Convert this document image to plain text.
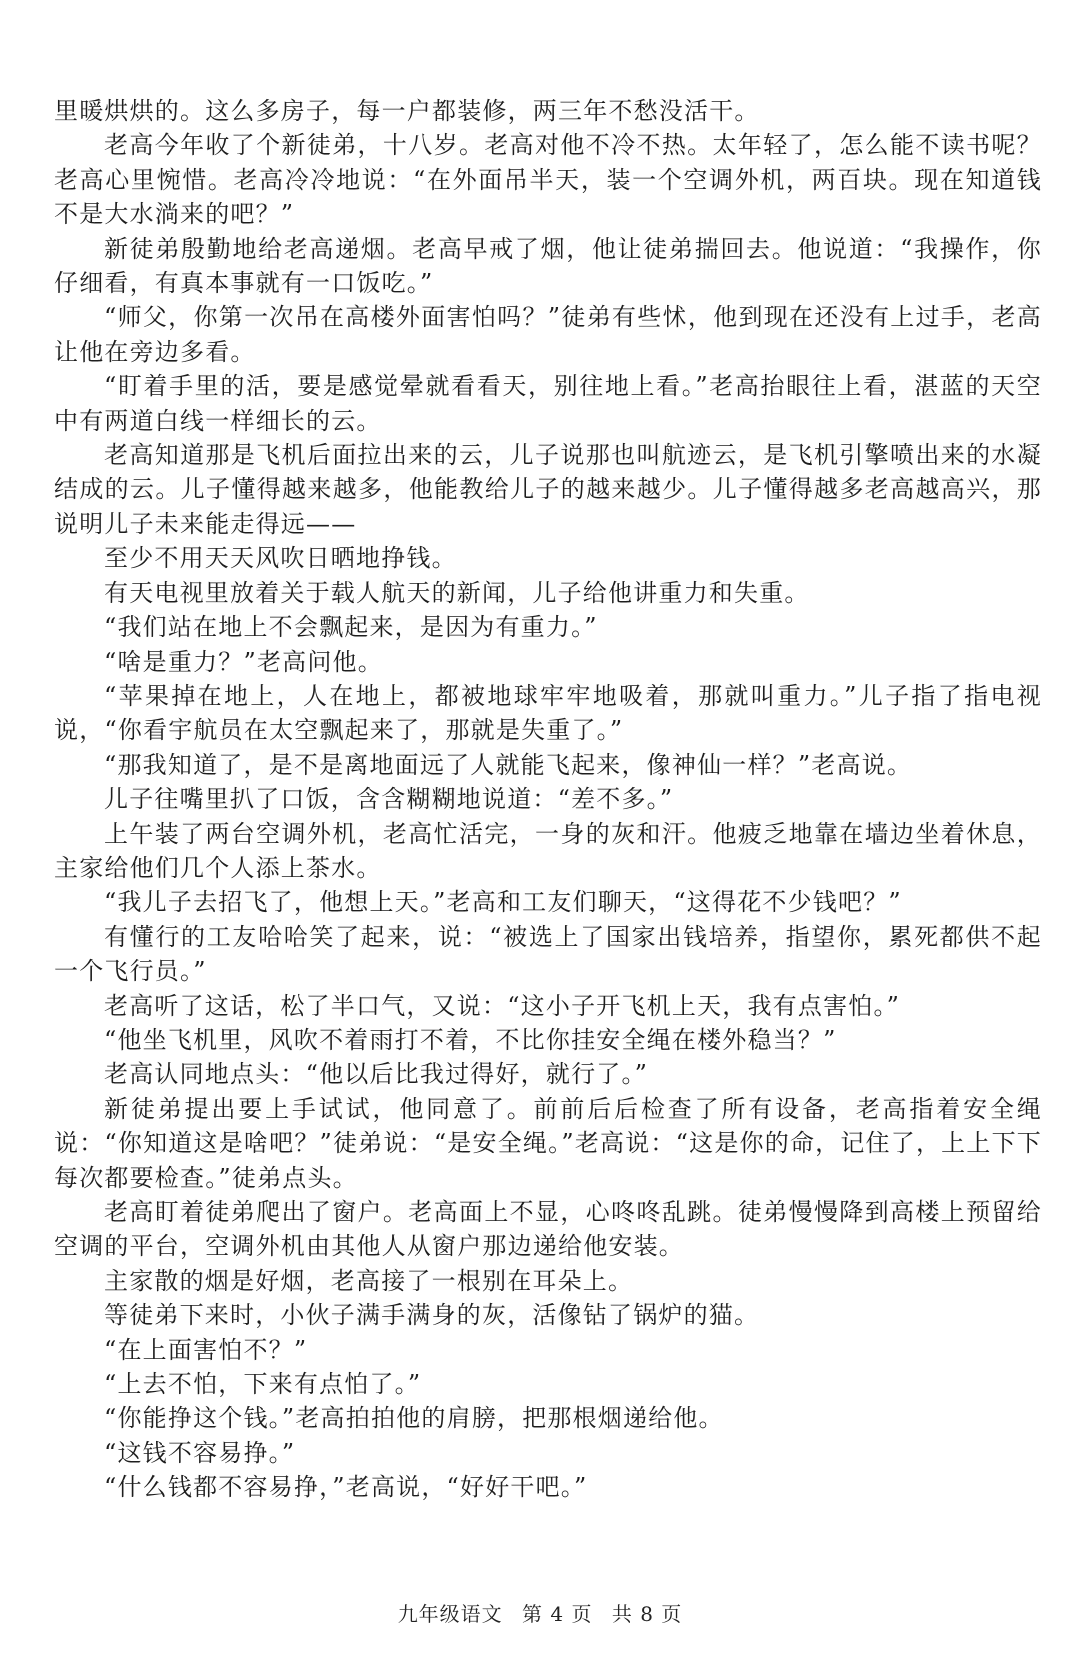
里暖烘烘的。这么多房子，每一户都装修，两三年不愁没活干。

老高今年收了个新徒弟，十八岁。老高对他不冷不热。太年轻了，怎么能不读书呢？老高心里惋惜。老高冷冷地说：“在外面吊半天，装一个空调外机，两百块。现在知道钱不是大水淌来的吧？”

新徒弟殷勤地给老高递烟。老高早戒了烟，他让徒弟揣回去。他说道：“我操作，你仔细看，有真本事就有一口饭吃。”

“师父，你第一次吊在高楼外面害怕吗？”徒弟有些怵，他到现在还没有上过手，老高让他在旁边多看。

“盯着手里的活，要是感觉晕就看看天，别往地上看。”老高抬眼往上看，湛蓝的天空中有两道白线一样细长的云。

老高知道那是飞机后面拉出来的云，儿子说那也叫航迹云，是飞机引擎喷出来的水凝结成的云。儿子懂得越来越多，他能教给儿子的越来越少。儿子懂得越多老高越高兴，那说明儿子未来能走得远——

至少不用天天风吹日晒地挣钱。

有天电视里放着关于载人航天的新闻，儿子给他讲重力和失重。

“我们站在地上不会飘起来，是因为有重力。”

“啥是重力？”老高问他。

“苹果掉在地上，人在地上，都被地球牢牢地吸着，那就叫重力。”儿子指了指电视说，“你看宇航员在太空飘起来了，那就是失重了。”

“那我知道了，是不是离地面远了人就能飞起来，像神仙一样？”老高说。

儿子往嘴里扒了口饭，含含糊糊地说道：“差不多。”

上午装了两台空调外机，老高忙活完，一身的灰和汗。他疲乏地靠在墙边坐着休息，主家给他们几个人添上茶水。

“我儿子去招飞了，他想上天。”老高和工友们聊天，“这得花不少钱吧？”

有懂行的工友哈哈笑了起来，说：“被选上了国家出钱培养，指望你，累死都供不起一个飞行员。”

老高听了这话，松了半口气，又说：“这小子开飞机上天，我有点害怕。”

“他坐飞机里，风吹不着雨打不着，不比你挂安全绳在楼外稳当？”

老高认同地点头：“他以后比我过得好，就行了。”

新徒弟提出要上手试试，他同意了。前前后后检查了所有设备，老高指着安全绳说：“你知道这是啥吧？”徒弟说：“是安全绳。”老高说：“这是你的命，记住了，上上下下每次都要检查。”徒弟点头。

老高盯着徒弟爬出了窗户。老高面上不显，心咚咚乱跳。徒弟慢慢降到高楼上预留给空调的平台，空调外机由其他人从窗户那边递给他安装。

主家散的烟是好烟，老高接了一根别在耳朵上。

等徒弟下来时，小伙子满手满身的灰，活像钻了锅炉的猫。

“在上面害怕不？”

“上去不怕，下来有点怕了。”

“你能挣这个钱。”老高拍拍他的肩膀，把那根烟递给他。

“这钱不容易挣。”

“什么钱都不容易挣，”老高说，“好好干吧。”

九年级语文 第 4 页 共 8 页
